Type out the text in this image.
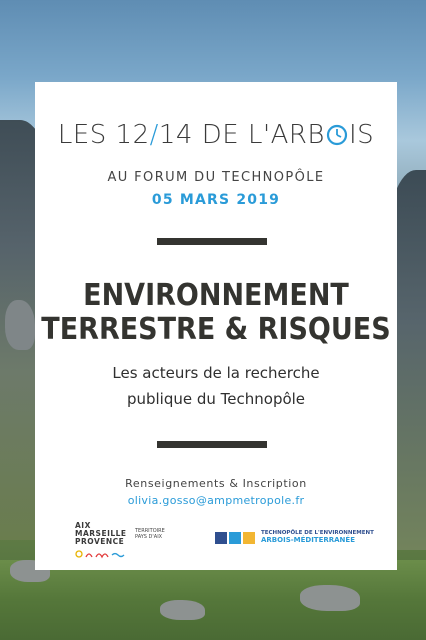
LES 12/14 DE L'ARB IS
AU FORUM DU TECHNOPÔLE
05 MARS 2019
ENVIRONNEMENT
TERRESTRE & RISQUES
Les acteurs de la recherche
publique du Technopôle
Renseignements & Inscription
olivia.gosso@ampmetropole.fr
AIX
MARSEILLE
PROVENCE
TERRITOIRE
PAYS D'AIX
TECHNOPÔLE DE L'ENVIRONNEMENT
ARBOIS-MÉDITERRANÉE
